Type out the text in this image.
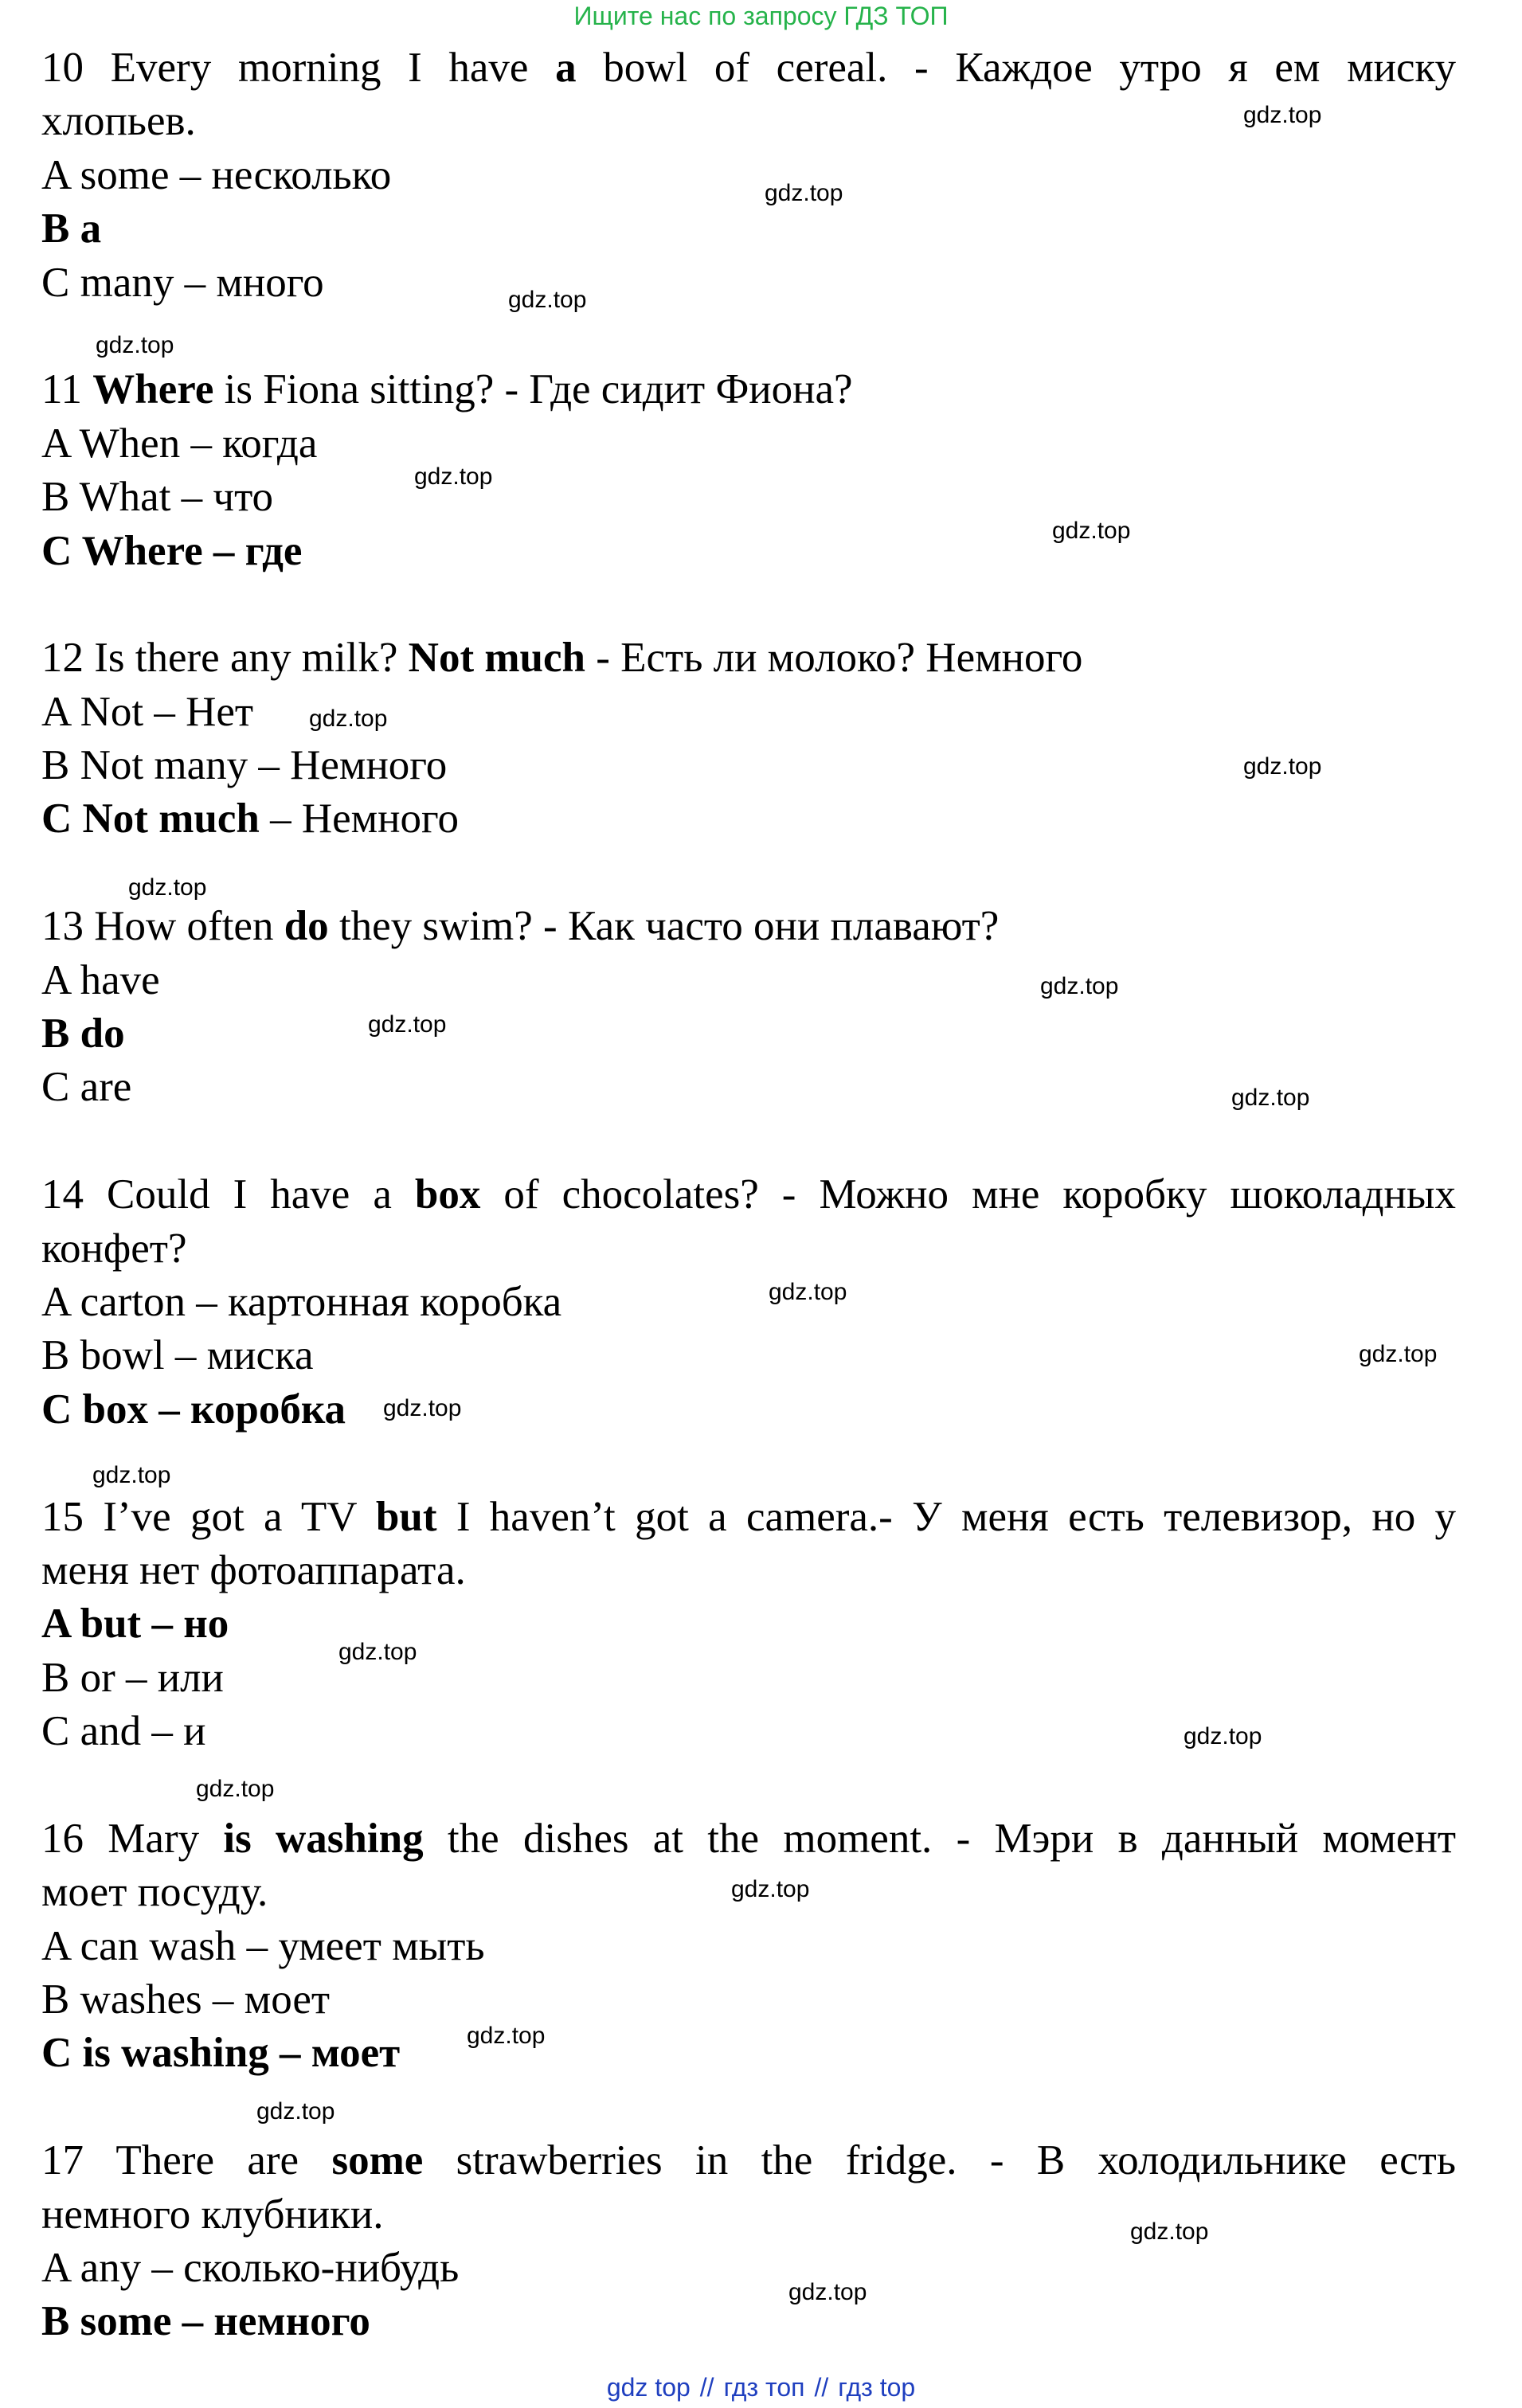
Ищите нас по запросу ГДЗ ТОП
10 Every morning I have a bowl of cereal. - Каждое утро я ем миску
хлопьев.
A some – несколько
B a
C many – много
11 Where is Fiona sitting? - Где сидит Фиона?
A When – когда
B What – что
C Where – где
12 Is there any milk? Not much - Есть ли молоко? Немного
A Not – Нет
B Not many – Немного
C Not much – Немного
13 How often do they swim? - Как часто они плавают?
A have
B do
C are
14 Could I have a box of chocolates? - Можно мне коробку шоколадных
конфет?
A carton – картонная коробка
B bowl – миска
C box – коробка
15 I’ve got a TV but I haven’t got a camera.- У меня есть телевизор, но у
меня нет фотоаппарата.
A but – но
B or – или
C and – и
16 Mary is washing the dishes at the moment. - Мэри в данный момент
моет посуду.
A can wash – умеет мыть
B washes – моет
C is washing – моет
17 There are some strawberries in the fridge. - В холодильнике есть
немного клубники.
A any – сколько-нибудь
B some – немного
gdz.top
gdz.top
gdz.top
gdz.top
gdz.top
gdz.top
gdz.top
gdz.top
gdz.top
gdz.top
gdz.top
gdz.top
gdz.top
gdz.top
gdz.top
gdz.top
gdz.top
gdz.top
gdz.top
gdz.top
gdz.top
gdz.top
gdz.top
gdz.top
gdz top // гдз топ // гдз top
